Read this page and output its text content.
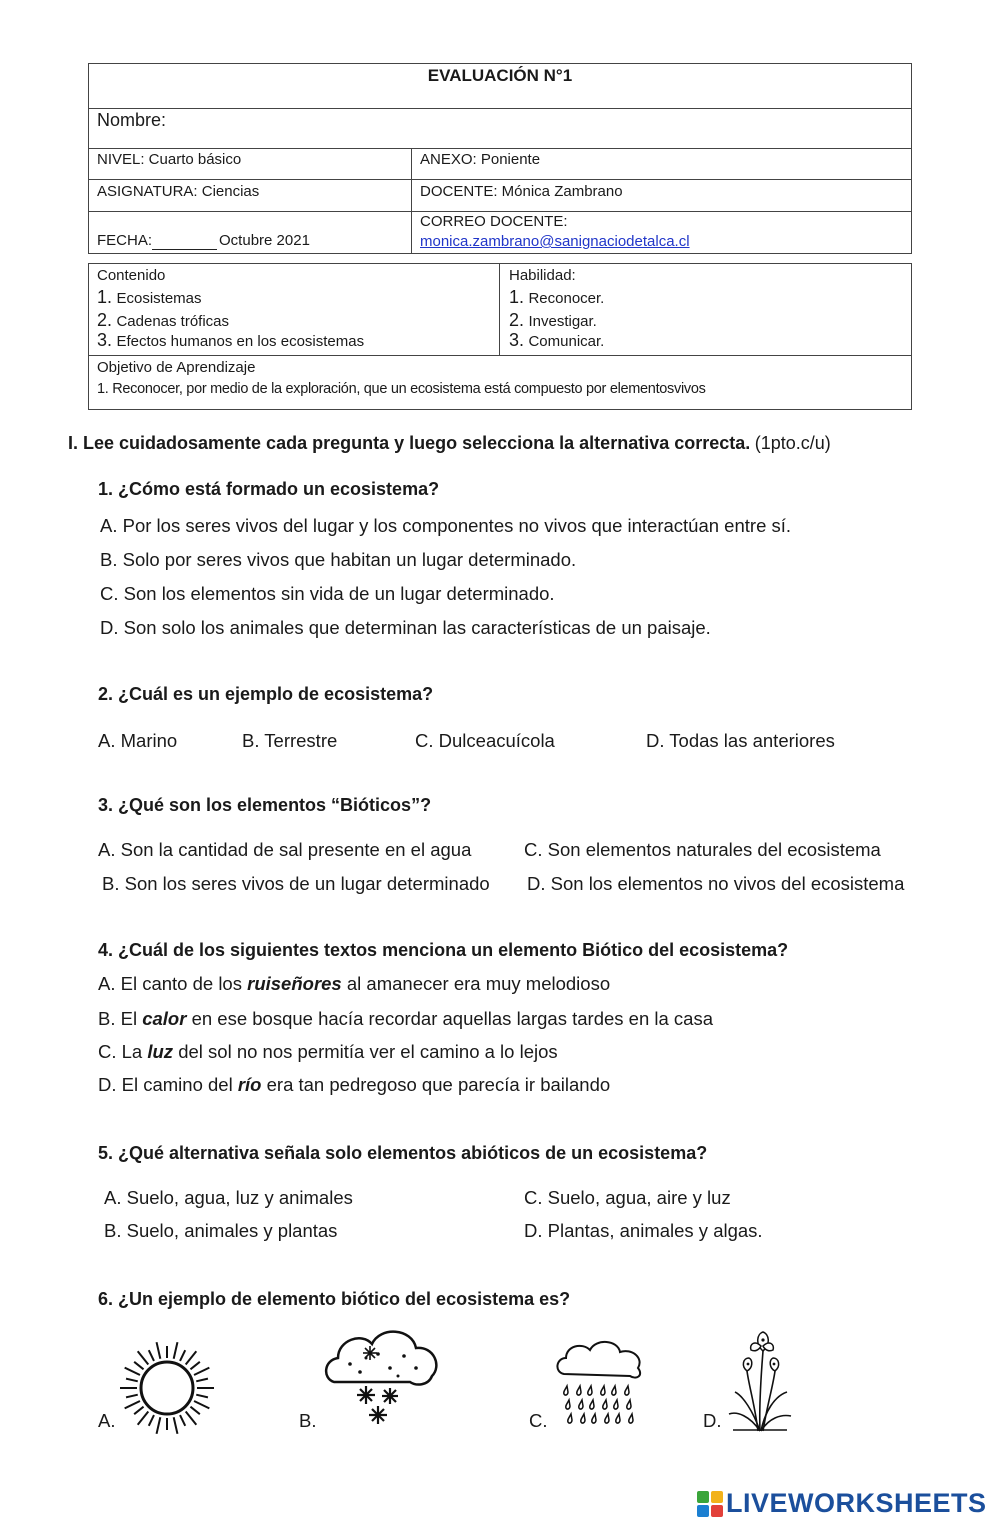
EVALUACIÓN N°1
Nombre:
NIVEL: Cuarto básico	ANEXO: Poniente
ASIGNATURA: Ciencias	DOCENTE: Mónica Zambrano
FECHA:	Octubre 2021
CORREO DOCENTE:
monica.zambrano@sanignaciodetalca.cl
Contenido
1. Ecosistemas
2. Cadenas tróficas
3. Efectos humanos en los ecosistemas
Habilidad:
1. Reconocer.
2. Investigar.
3. Comunicar.
Objetivo de Aprendizaje
1. Reconocer, por medio de la exploración, que un ecosistema está compuesto por elementosvivos
I. Lee cuidadosamente cada pregunta y luego selecciona la alternativa correcta. (1pto.c/u)
1. ¿Cómo está formado un ecosistema?
A. Por los seres vivos del lugar y los componentes no vivos que interactúan entre sí.
B. Solo por seres vivos que habitan un lugar determinado.
C. Son los elementos sin vida de un lugar determinado.
D. Son solo los animales que determinan las características de un paisaje.
2. ¿Cuál es un ejemplo de ecosistema?
A. Marino	B. Terrestre	C. Dulceacuícola	D. Todas las anteriores
3. ¿Qué son los elementos “Bióticos”?
A. Son la cantidad de sal presente en el agua	C. Son elementos naturales del ecosistema
B. Son los seres vivos de un lugar determinado D. Son los elementos no vivos del ecosistema
4. ¿Cuál de los siguientes textos menciona un elemento Biótico del ecosistema?
A. El canto de los ruiseñores al amanecer era muy melodioso
B. El calor en ese bosque hacía recordar aquellas largas tardes en la casa
C. La luz del sol no nos permitía ver el camino a lo lejos
D. El camino del río era tan pedregoso que parecía ir bailando
5. ¿Qué alternativa señala solo elementos abióticos de un ecosistema?
A. Suelo, agua, luz y animales	C. Suelo, agua, aire y luz
B. Suelo, animales y plantas	D. Plantas, animales y algas.
6. ¿Un ejemplo de elemento biótico del ecosistema es?
A.	B.	C.	D.
LIVEWORKSHEETS
